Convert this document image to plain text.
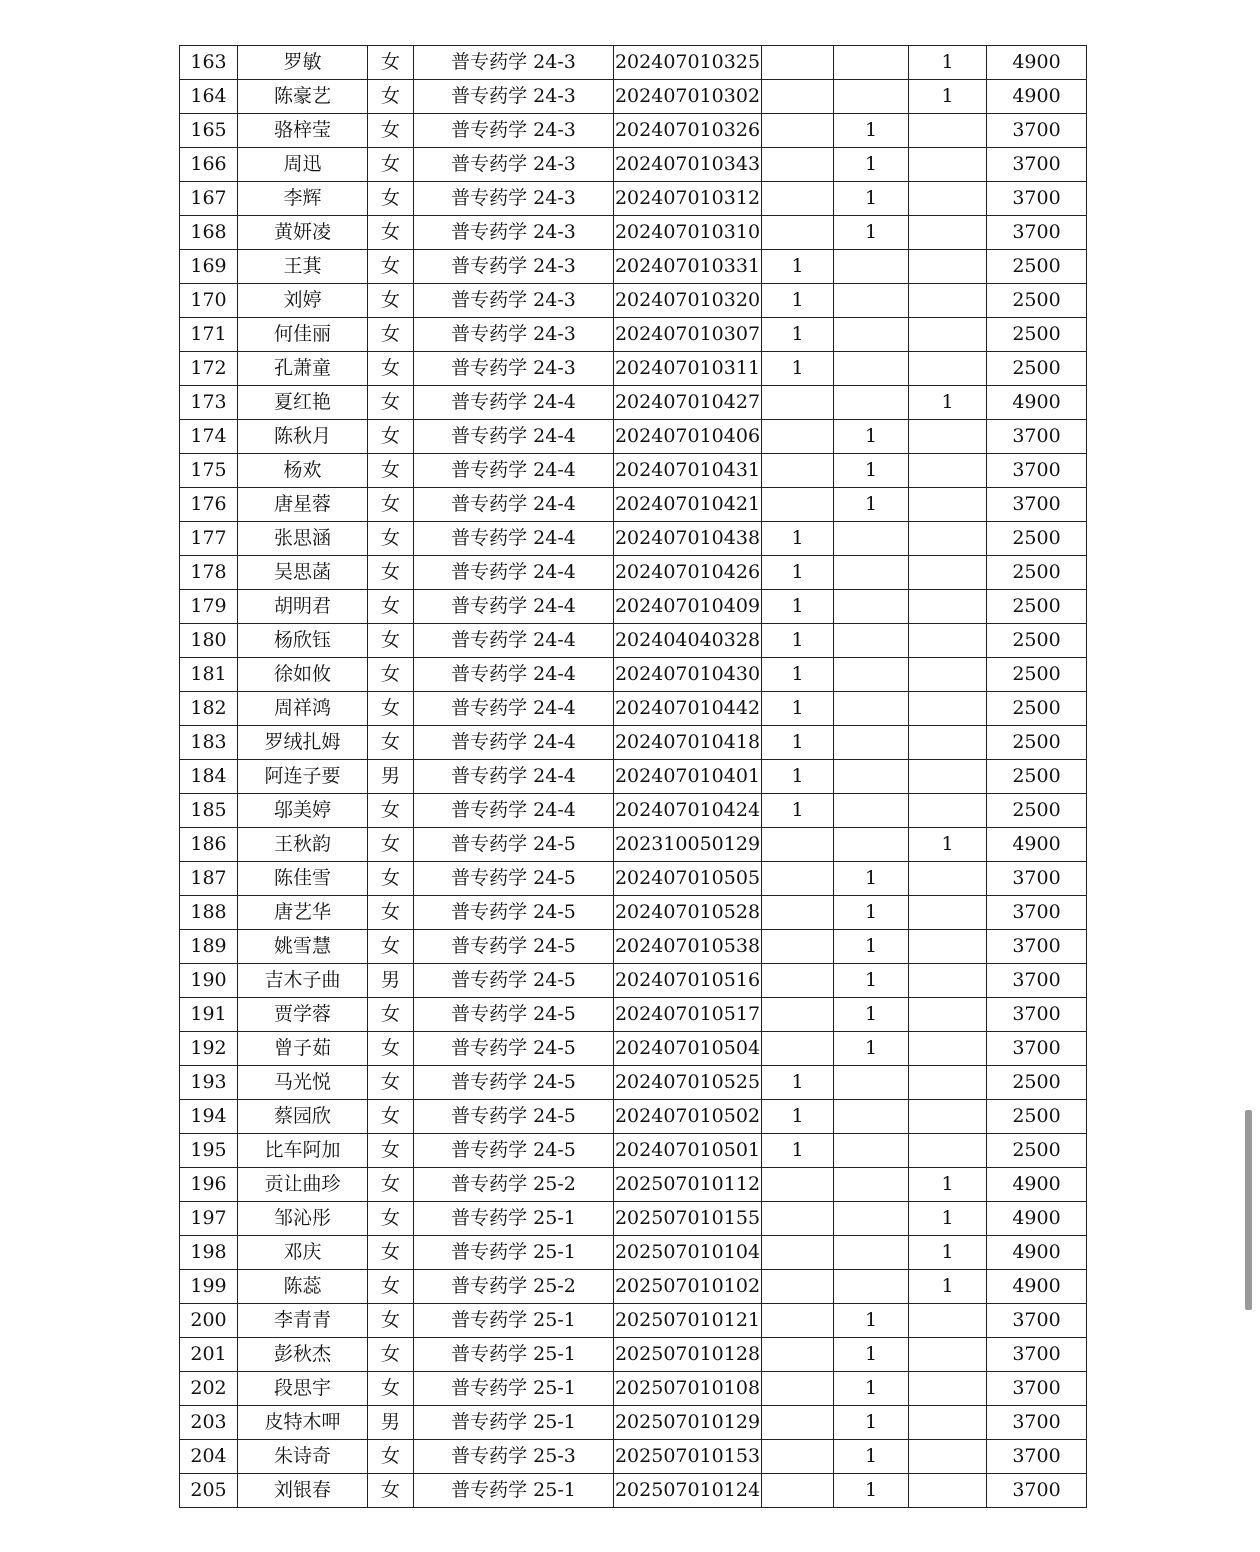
163	罗敏	女	普专药学 24-3	202407010325			1	4900
164	陈豪艺	女	普专药学 24-3	202407010302			1	4900
165	骆梓莹	女	普专药学 24-3	202407010326		1		3700
166	周迅	女	普专药学 24-3	202407010343		1		3700
167	李辉	女	普专药学 24-3	202407010312		1		3700
168	黄妍凌	女	普专药学 24-3	202407010310		1		3700
169	王萁	女	普专药学 24-3	202407010331	1			2500
170	刘婷	女	普专药学 24-3	202407010320	1			2500
171	何佳丽	女	普专药学 24-3	202407010307	1			2500
172	孔萧童	女	普专药学 24-3	202407010311	1			2500
173	夏红艳	女	普专药学 24-4	202407010427			1	4900
174	陈秋月	女	普专药学 24-4	202407010406		1		3700
175	杨欢	女	普专药学 24-4	202407010431		1		3700
176	唐星蓉	女	普专药学 24-4	202407010421		1		3700
177	张思涵	女	普专药学 24-4	202407010438	1			2500
178	吴思菡	女	普专药学 24-4	202407010426	1			2500
179	胡明君	女	普专药学 24-4	202407010409	1			2500
180	杨欣钰	女	普专药学 24-4	202404040328	1			2500
181	徐如攸	女	普专药学 24-4	202407010430	1			2500
182	周祥鸿	女	普专药学 24-4	202407010442	1			2500
183	罗绒扎姆	女	普专药学 24-4	202407010418	1			2500
184	阿连子要	男	普专药学 24-4	202407010401	1			2500
185	邬美婷	女	普专药学 24-4	202407010424	1			2500
186	王秋韵	女	普专药学 24-5	202310050129			1	4900
187	陈佳雪	女	普专药学 24-5	202407010505		1		3700
188	唐艺华	女	普专药学 24-5	202407010528		1		3700
189	姚雪慧	女	普专药学 24-5	202407010538		1		3700
190	吉木子曲	男	普专药学 24-5	202407010516		1		3700
191	贾学蓉	女	普专药学 24-5	202407010517		1		3700
192	曾子茹	女	普专药学 24-5	202407010504		1		3700
193	马光悦	女	普专药学 24-5	202407010525	1			2500
194	蔡园欣	女	普专药学 24-5	202407010502	1			2500
195	比车阿加	女	普专药学 24-5	202407010501	1			2500
196	贡让曲珍	女	普专药学 25-2	202507010112			1	4900
197	邹沁彤	女	普专药学 25-1	202507010155			1	4900
198	邓庆	女	普专药学 25-1	202507010104			1	4900
199	陈蕊	女	普专药学 25-2	202507010102			1	4900
200	李青青	女	普专药学 25-1	202507010121		1		3700
201	彭秋杰	女	普专药学 25-1	202507010128		1		3700
202	段思宇	女	普专药学 25-1	202507010108		1		3700
203	皮特木呷	男	普专药学 25-1	202507010129		1		3700
204	朱诗奇	女	普专药学 25-3	202507010153		1		3700
205	刘银春	女	普专药学 25-1	202507010124		1		3700
